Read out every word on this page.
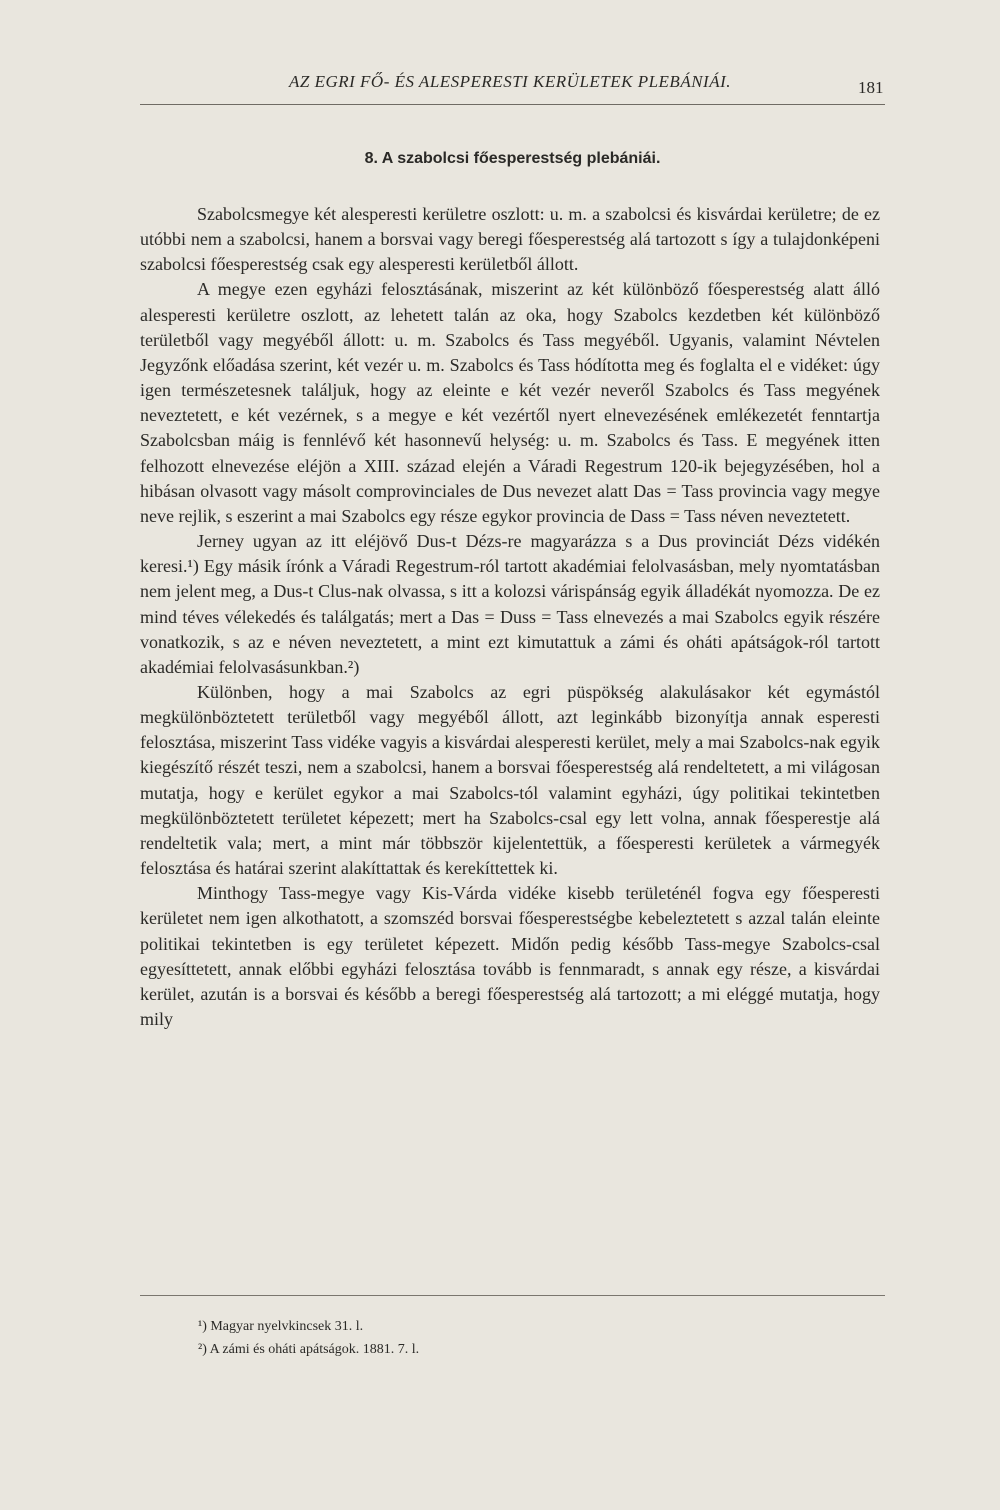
AZ EGRI FŐ- ÉS ALESPERESTI KERÜLETEK PLEBÁNIÁI.	181
8. A szabolcsi főesperestség plebániái.

Szabolcsmegye két alesperesti kerületre oszlott: u. m. a szabolcsi és kisvárdai kerületre; de ez utóbbi nem a szabolcsi, hanem a borsvai vagy beregi főesperestség alá tartozott s így a tulajdonképeni szabolcsi főesperestség csak egy alesperesti kerületből állott.

A megye ezen egyházi felosztásának, miszerint az két különböző főesperestség alatt álló alesperesti kerületre oszlott, az lehetett talán az oka, hogy Szabolcs kezdetben két különböző területből vagy megyéből állott: u. m. Szabolcs és Tass megyéből. Ugyanis, valamint Névtelen Jegyzőnk előadása szerint, két vezér u. m. Szabolcs és Tass hódította meg és foglalta el e vidéket: úgy igen természetesnek találjuk, hogy az eleinte e két vezér neveről Szabolcs és Tass megyének neveztetett, e két vezérnek, s a megye e két vezértől nyert elnevezésének emlékezetét fenntartja Szabolcsban máig is fennlévő két hasonnevű helység: u. m. Szabolcs és Tass. E megyének itten felhozott elnevezése eléjön a XIII. század elején a Váradi Regestrum 120-ik bejegyzésében, hol a hibásan olvasott vagy másolt comprovinciales de Dus nevezet alatt Das = Tass provincia vagy megye neve rejlik, s eszerint a mai Szabolcs egy része egykor provincia de Dass = Tass néven neveztetett.

Jerney ugyan az itt eléjövő Dus-t Dézs-re magyarázza s a Dus provinciát Dézs vidékén keresi.¹) Egy másik írónk a Váradi Regestrum-ról tartott akadémiai felolvasásban, mely nyomtatásban nem jelent meg, a Dus-t Clus-nak olvassa, s itt a kolozsi várispánság egyik álladékát nyomozza. De ez mind téves vélekedés és találgatás; mert a Das = Duss = Tass elnevezés a mai Szabolcs egyik részére vonatkozik, s az e néven neveztetett, a mint ezt kimutattuk a zámi és oháti apátságok-ról tartott akadémiai felolvasásunkban.²)

Különben, hogy a mai Szabolcs az egri püspökség alakulásakor két egymástól megkülönböztetett területből vagy megyéből állott, azt leginkább bizonyítja annak esperesti felosztása, miszerint Tass vidéke vagyis a kisvárdai alesperesti kerület, mely a mai Szabolcs-nak egyik kiegészítő részét teszi, nem a szabolcsi, hanem a borsvai főesperestség alá rendeltetett, a mi világosan mutatja, hogy e kerület egykor a mai Szabolcs-tól valamint egyházi, úgy politikai tekintetben megkülönböztetett területet képezett; mert ha Szabolcs-csal egy lett volna, annak főesperestje alá rendeltetik vala; mert, a mint már többször kijelentettük, a főesperesti kerületek a vármegyék felosztása és határai szerint alakíttattak és kerekíttettek ki.

Minthogy Tass-megye vagy Kis-Várda vidéke kisebb területénél fogva egy főesperesti kerületet nem igen alkothatott, a szomszéd borsvai főesperestségbe kebeleztetett s azzal talán eleinte politikai tekintetben is egy területet képezett. Midőn pedig később Tass-megye Szabolcs-csal egyesíttetett, annak előbbi egyházi felosztása tovább is fennmaradt, s annak egy része, a kisvárdai kerület, azután is a borsvai és később a beregi főesperestség alá tartozott; a mi eléggé mutatja, hogy mily

¹) Magyar nyelvkincsek 31. l.
²) A zámi és oháti apátságok. 1881. 7. l.
